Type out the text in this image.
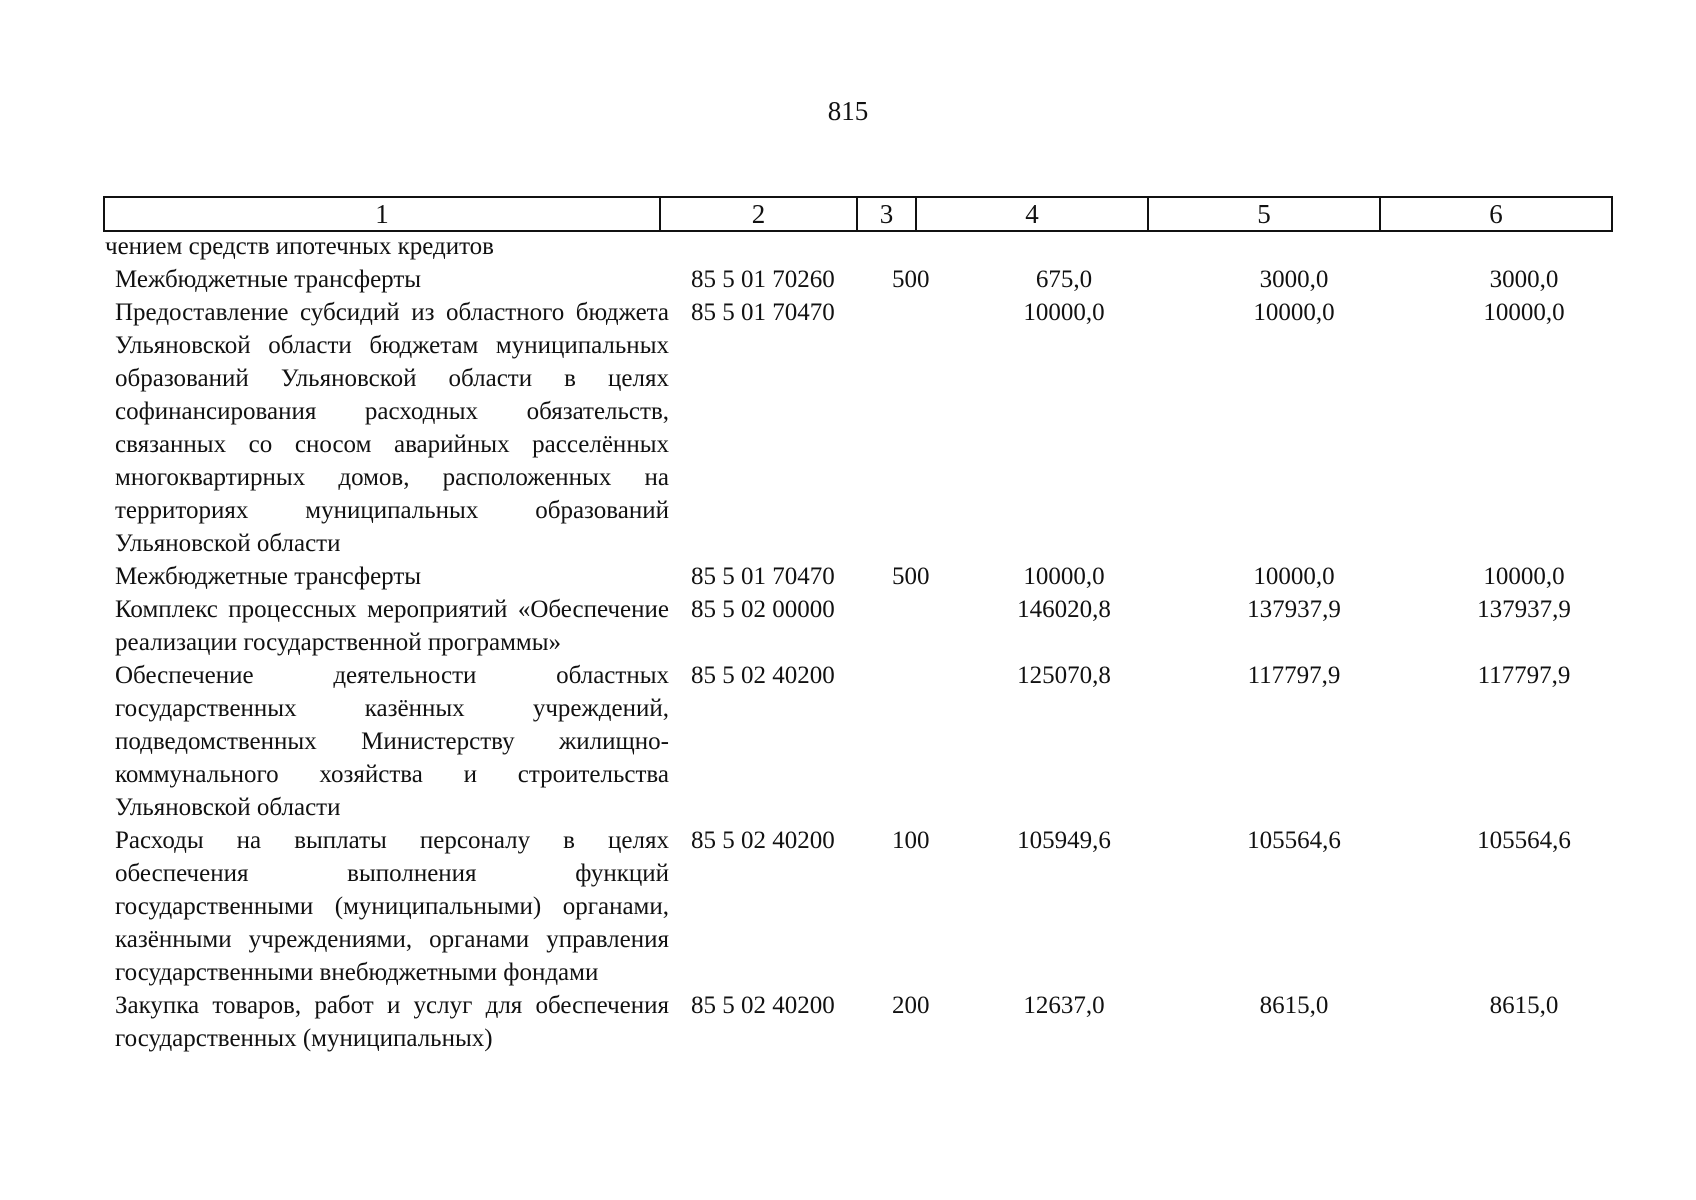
815
1	2	3	4	5	6
чением средств ипотечных кредитов					
Межбюджетные трансферты	85 5 01 70260	500	675,0	3000,0	3000,0
Предоставление субсидий из областного бюджета Ульяновской области бюджетам муниципальных образований Ульяновской области в целях софинансирования расходных обязательств, связанных со сносом аварийных расселённых многоквартирных домов, расположенных на территориях муниципальных образований Ульяновской области	85 5 01 70470		10000,0	10000,0	10000,0
Межбюджетные трансферты	85 5 01 70470	500	10000,0	10000,0	10000,0
Комплекс процессных мероприятий «Обеспечение реализации государственной программы»	85 5 02 00000		146020,8	137937,9	137937,9
Обеспечение деятельности областных государственных казённых учреждений, подведомственных Министерству жилищно-коммунального хозяйства и строительства Ульяновской области	85 5 02 40200		125070,8	117797,9	117797,9
Расходы на выплаты персоналу в целях обеспечения выполнения функций государственными (муниципальными) органами, казёнными учреждениями, органами управления государственными внебюджетными фондами	85 5 02 40200	100	105949,6	105564,6	105564,6
Закупка товаров, работ и услуг для обеспечения государственных (муниципальных)	85 5 02 40200	200	12637,0	8615,0	8615,0
